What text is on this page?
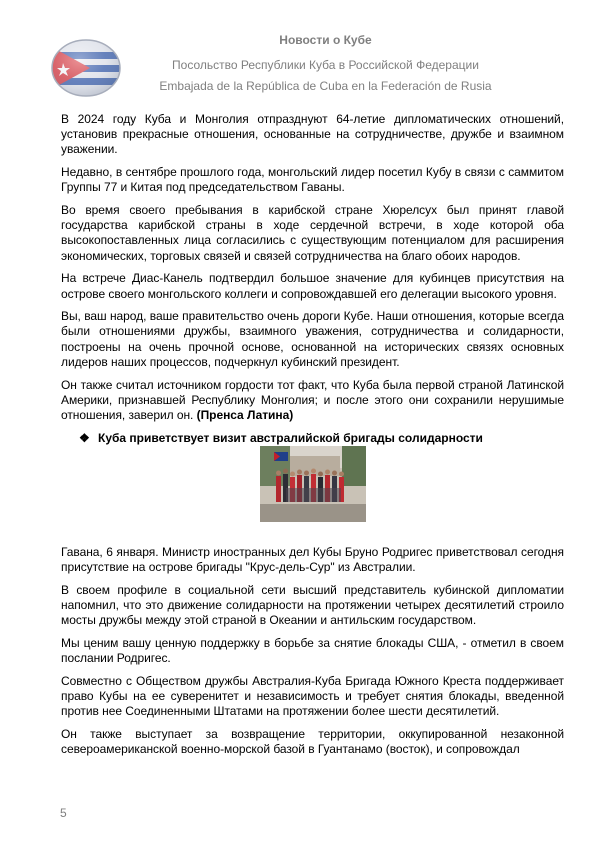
Новости о Кубе
Посольство Республики Куба в Российской Федерации
Embajada de la República de Cuba en la Federación de Rusia

В 2024 году Куба и Монголия отпразднуют 64-летие дипломатических отношений, установив прекрасные отношения, основанные на сотрудничестве, дружбе и взаимном уважении.

Недавно, в сентябре прошлого года, монгольский лидер посетил Кубу в связи с саммитом Группы 77 и Китая под председательством Гаваны.

Во время своего пребывания в карибской стране Хюрелсух был принят главой государства карибской страны в ходе сердечной встречи, в ходе которой оба высокопоставленных лица согласились с существующим потенциалом для расширения экономических, торговых связей и связей сотрудничества на благо обоих народов.

На встрече Диас-Канель подтвердил большое значение для кубинцев присутствия на острове своего монгольского коллеги и сопровождавшей его делегации высокого уровня.

Вы, ваш народ, ваше правительство очень дороги Кубе. Наши отношения, которые всегда были отношениями дружбы, взаимного уважения, сотрудничества и солидарности, построены на очень прочной основе, основанной на исторических связях основных лидеров наших процессов, подчеркнул кубинский президент.

Он также считал источником гордости тот факт, что Куба была первой страной Латинской Америки, признавшей Республику Монголия; и после этого они сохранили нерушимые отношения, заверил он. (Пренса Латина)

❖ Куба приветствует визит австралийской бригады солидарности

Гавана, 6 января. Министр иностранных дел Кубы Бруно Родригес приветствовал сегодня присутствие на острове бригады "Крус-дель-Сур" из Австралии.

В своем профиле в социальной сети высший представитель кубинской дипломатии напомнил, что это движение солидарности на протяжении четырех десятилетий строило мосты дружбы между этой страной в Океании и антильским государством.

Мы ценим вашу ценную поддержку в борьбе за снятие блокады США, - отметил в своем послании Родригес.

Совместно с Обществом дружбы Австралия-Куба Бригада Южного Креста поддерживает право Кубы на ее суверенитет и независимость и требует снятия блокады, введенной против нее Соединенными Штатами на протяжении более шести десятилетий.

Он также выступает за возвращение территории, оккупированной незаконной североамериканской военно-морской базой в Гуантанамо (восток), и сопровождал

5
